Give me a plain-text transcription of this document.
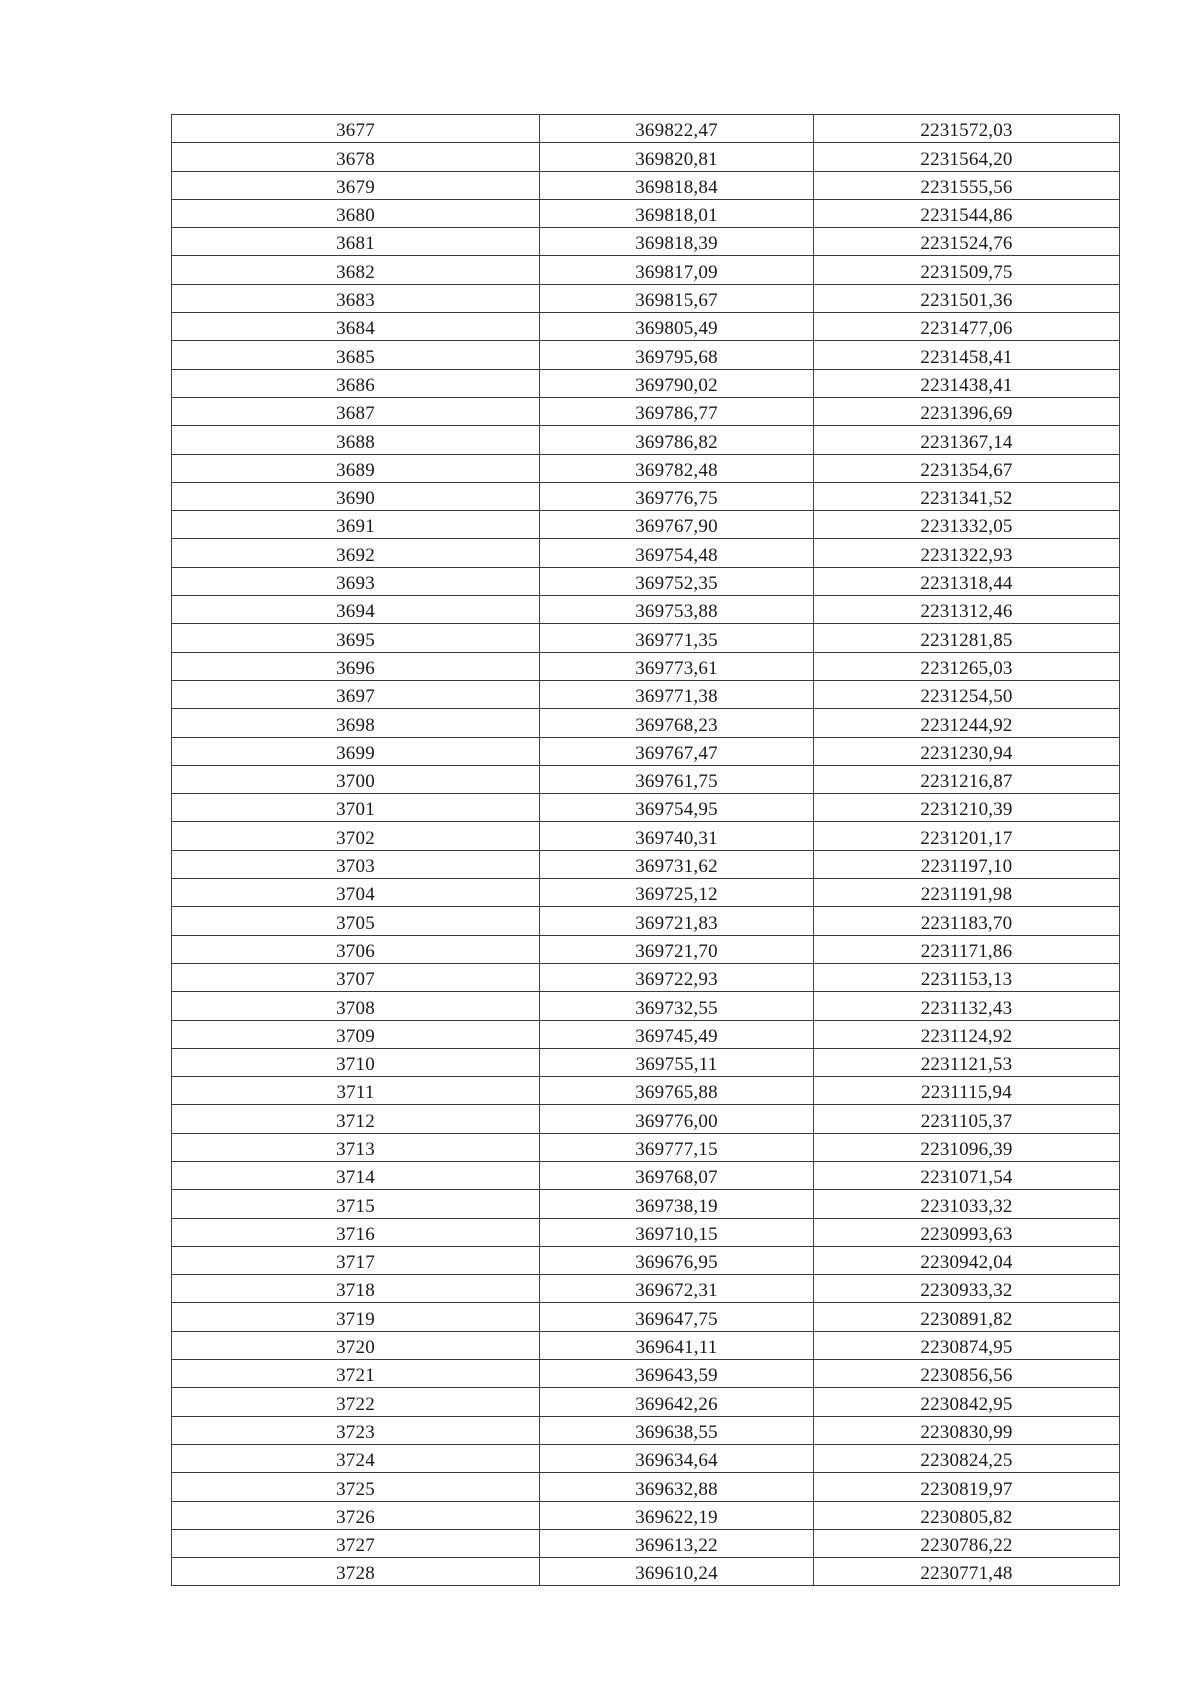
3677	369822,47	2231572,03
3678	369820,81	2231564,20
3679	369818,84	2231555,56
3680	369818,01	2231544,86
3681	369818,39	2231524,76
3682	369817,09	2231509,75
3683	369815,67	2231501,36
3684	369805,49	2231477,06
3685	369795,68	2231458,41
3686	369790,02	2231438,41
3687	369786,77	2231396,69
3688	369786,82	2231367,14
3689	369782,48	2231354,67
3690	369776,75	2231341,52
3691	369767,90	2231332,05
3692	369754,48	2231322,93
3693	369752,35	2231318,44
3694	369753,88	2231312,46
3695	369771,35	2231281,85
3696	369773,61	2231265,03
3697	369771,38	2231254,50
3698	369768,23	2231244,92
3699	369767,47	2231230,94
3700	369761,75	2231216,87
3701	369754,95	2231210,39
3702	369740,31	2231201,17
3703	369731,62	2231197,10
3704	369725,12	2231191,98
3705	369721,83	2231183,70
3706	369721,70	2231171,86
3707	369722,93	2231153,13
3708	369732,55	2231132,43
3709	369745,49	2231124,92
3710	369755,11	2231121,53
3711	369765,88	2231115,94
3712	369776,00	2231105,37
3713	369777,15	2231096,39
3714	369768,07	2231071,54
3715	369738,19	2231033,32
3716	369710,15	2230993,63
3717	369676,95	2230942,04
3718	369672,31	2230933,32
3719	369647,75	2230891,82
3720	369641,11	2230874,95
3721	369643,59	2230856,56
3722	369642,26	2230842,95
3723	369638,55	2230830,99
3724	369634,64	2230824,25
3725	369632,88	2230819,97
3726	369622,19	2230805,82
3727	369613,22	2230786,22
3728	369610,24	2230771,48
